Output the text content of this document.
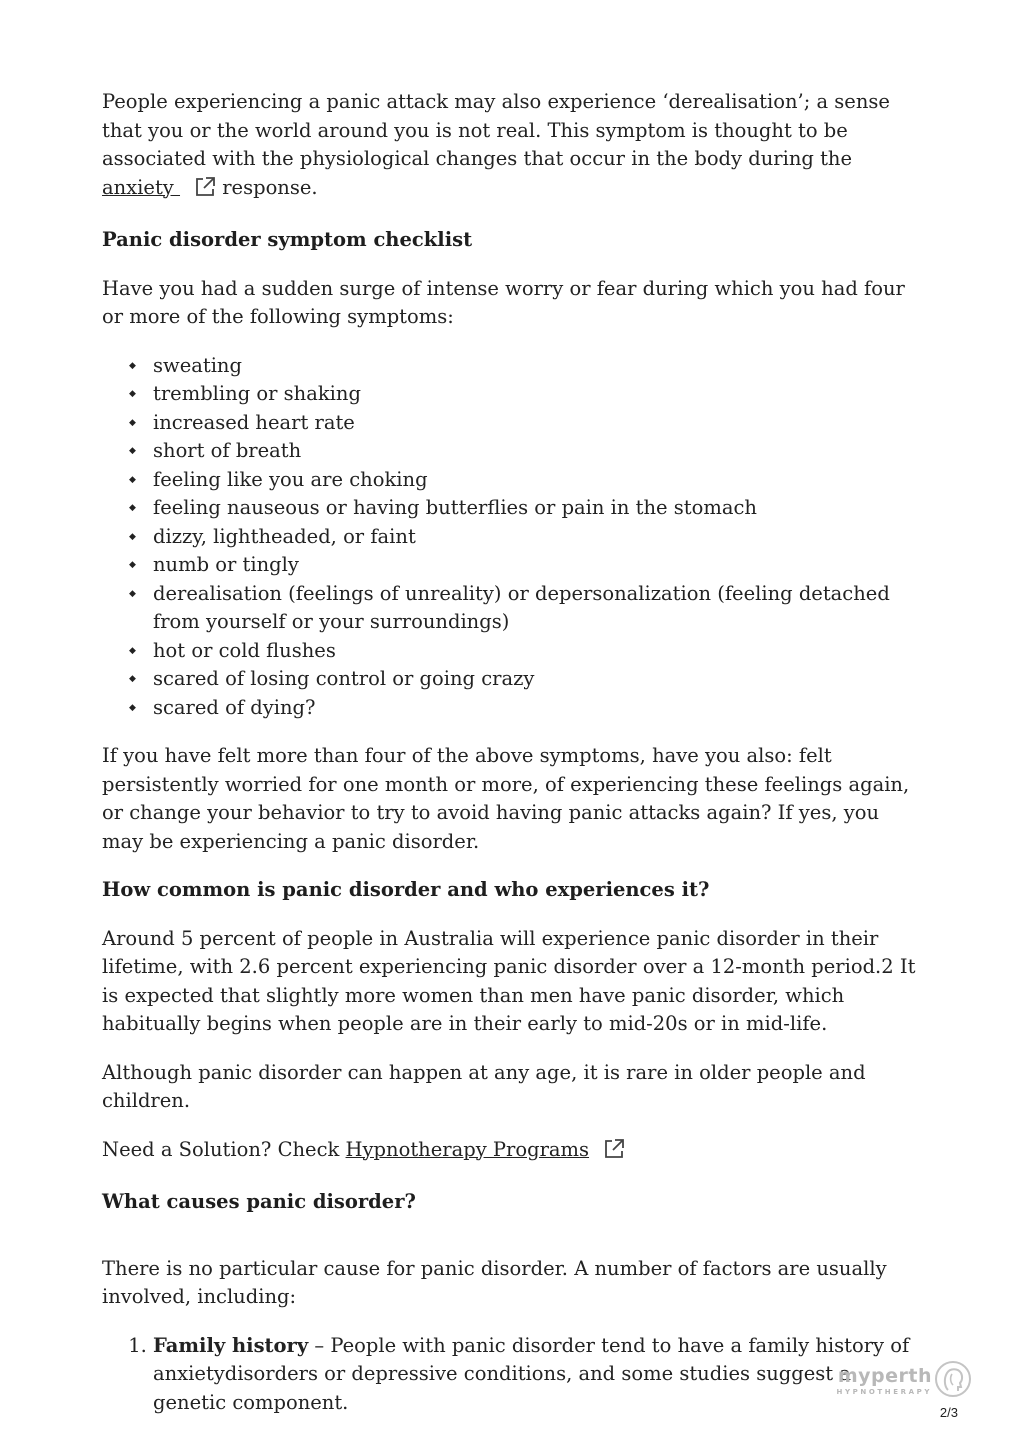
People experiencing a panic attack may also experience ‘derealisation’; a sense that you or the world around you is not real. This symptom is thought to be associated with the physiological changes that occur in the body during the anxiety  response.

Panic disorder symptom checklist

Have you had a sudden surge of intense worry or fear during which you had four or more of the following symptoms:

◆ sweating
◆ trembling or shaking
◆ increased heart rate
◆ short of breath
◆ feeling like you are choking
◆ feeling nauseous or having butterflies or pain in the stomach
◆ dizzy, lightheaded, or faint
◆ numb or tingly
◆ derealisation (feelings of unreality) or depersonalization (feeling detached from yourself or your surroundings)
◆ hot or cold flushes
◆ scared of losing control or going crazy
◆ scared of dying?

If you have felt more than four of the above symptoms, have you also: felt persistently worried for one month or more, of experiencing these feelings again, or change your behavior to try to avoid having panic attacks again? If yes, you may be experiencing a panic disorder.

How common is panic disorder and who experiences it?

Around 5 percent of people in Australia will experience panic disorder in their lifetime, with 2.6 percent experiencing panic disorder over a 12-month period.2 It is expected that slightly more women than men have panic disorder, which habitually begins when people are in their early to mid-20s or in mid-life.

Although panic disorder can happen at any age, it is rare in older people and children.

Need a Solution? Check Hypnotherapy Programs

What causes panic disorder?

There is no particular cause for panic disorder. A number of factors are usually involved, including:

1. Family history – People with panic disorder tend to have a family history of anxietydisorders or depressive conditions, and some studies suggest a genetic component.
myperth
HYPNOTHERAPY
2/3
